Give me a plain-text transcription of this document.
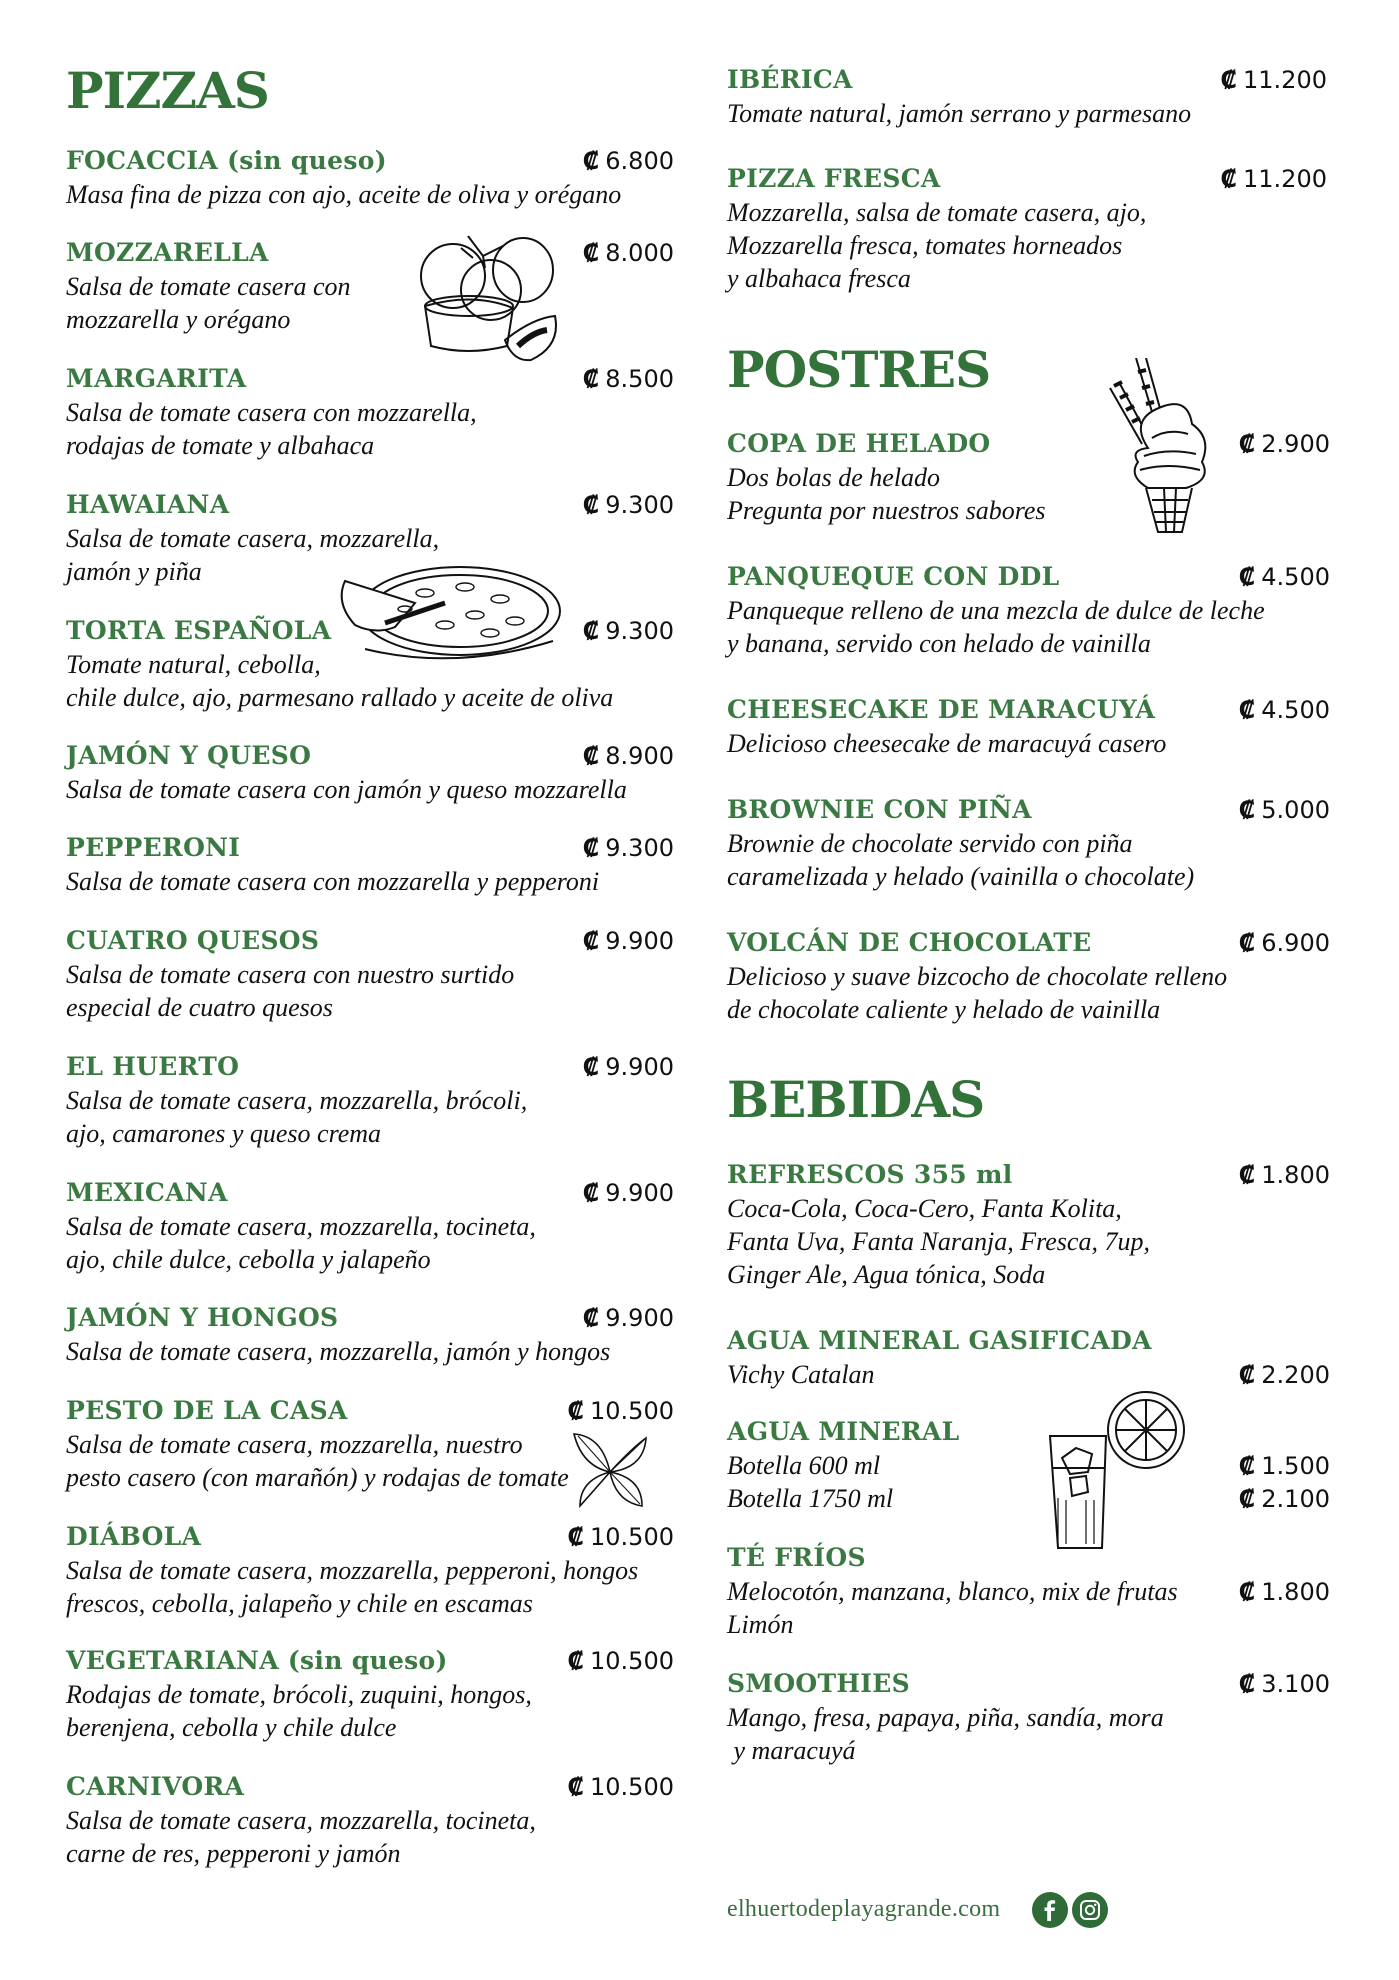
PIZZAS
FOCACCIA (sin queso)
Masa fina de pizza con ajo, aceite de oliva y orégano
₡ 6.800
MOZZARELLA
Salsa de tomate casera con
mozzarella y orégano
₡ 8.000
MARGARITA
Salsa de tomate casera con mozzarella,
rodajas de tomate y albahaca
₡ 8.500
HAWAIANA
Salsa de tomate casera, mozzarella,
jamón y piña
₡ 9.300
TORTA ESPAÑOLA
Tomate natural, cebolla,
chile dulce, ajo, parmesano rallado y aceite de oliva
₡ 9.300
JAMÓN Y QUESO
Salsa de tomate casera con jamón y queso mozzarella
₡ 8.900
PEPPERONI
Salsa de tomate casera con mozzarella y pepperoni
₡ 9.300
CUATRO QUESOS
Salsa de tomate casera con nuestro surtido
especial de cuatro quesos
₡ 9.900
EL HUERTO
Salsa de tomate casera, mozzarella, brócoli,
ajo, camarones y queso crema
₡ 9.900
MEXICANA
Salsa de tomate casera, mozzarella, tocineta,
ajo, chile dulce, cebolla y jalapeño
₡ 9.900
JAMÓN Y HONGOS
Salsa de tomate casera, mozzarella, jamón y hongos
₡ 9.900
PESTO DE LA CASA
Salsa de tomate casera, mozzarella, nuestro
pesto casero (con marañón) y rodajas de tomate
₡ 10.500
DIÁBOLA
Salsa de tomate casera, mozzarella, pepperoni, hongos
frescos, cebolla, jalapeño y chile en escamas
₡ 10.500
VEGETARIANA (sin queso)
Rodajas de tomate, brócoli, zuquini, hongos,
berenjena, cebolla y chile dulce
₡ 10.500
CARNIVORA
Salsa de tomate casera, mozzarella, tocineta,
carne de res, pepperoni y jamón
₡ 10.500
IBÉRICA
Tomate natural, jamón serrano y parmesano
₡ 11.200
PIZZA FRESCA
Mozzarella, salsa de tomate casera, ajo,
Mozzarella fresca, tomates horneados
y albahaca fresca
₡ 11.200
POSTRES
COPA DE HELADO
Dos bolas de helado
Pregunta por nuestros sabores
₡ 2.900
PANQUEQUE CON DDL
Panqueque relleno de una mezcla de dulce de leche
y banana, servido con helado de vainilla
₡ 4.500
CHEESECAKE DE MARACUYÁ
Delicioso cheesecake de maracuyá casero
₡ 4.500
BROWNIE CON PIÑA
Brownie de chocolate servido con piña
caramelizada y helado (vainilla o chocolate)
₡ 5.000
VOLCÁN DE CHOCOLATE
Delicioso y suave bizcocho de chocolate relleno
de chocolate caliente y helado de vainilla
₡ 6.900
BEBIDAS
REFRESCOS 355 ml
Coca-Cola, Coca-Cero, Fanta Kolita,
Fanta Uva, Fanta Naranja, Fresca, 7up,
Ginger Ale, Agua tónica, Soda
₡ 1.800
AGUA MINERAL GASIFICADA
Vichy Catalan	₡ 2.200
AGUA MINERAL
Botella 600 ml
Botella 1750 ml
₡ 1.500
₡ 2.100
TÉ FRÍOS
Melocotón, manzana, blanco, mix de frutas
Limón
₡ 1.800
SMOOTHIES
Mango, fresa, papaya, piña, sandía, mora
y maracuyá
₡ 3.100
elhuertodeplayagrande.com
